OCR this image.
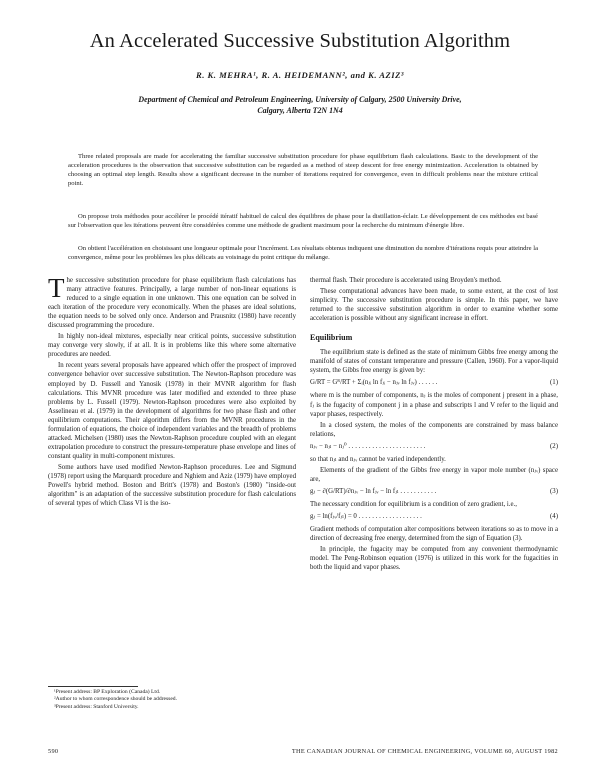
An Accelerated Successive Substitution Algorithm
R. K. MEHRA¹, R. A. HEIDEMANN², and K. AZIZ³
Department of Chemical and Petroleum Engineering, University of Calgary, 2500 University Drive,
Calgary, Alberta T2N 1N4

Three related proposals are made for accelerating the familiar successive substitution procedure for phase equilibrium flash calculations. Basic to the development of the acceleration procedures is the observation that successive substitution can be regarded as a method of steep descent for free energy minimization. Acceleration is obtained by choosing an optimal step length. Results show a significant decrease in the number of iterations required for convergence, even in difficult problems near the mixture critical point.

On propose trois méthodes pour accélérer le procédé itératif habituel de calcul des équilibres de phase pour la distillation-éclair. Le développement de ces méthodes est basé sur l'observation que les itérations peuvent être considérées comme une méthode de gradient maximum pour la recherche du minimum d'énergie libre.

On obtient l'accélération en choisissant une longueur optimale pour l'incrément. Les résultats obtenus indiquent une diminution du nombre d'itérations requis pour atteindre la convergence, même pour les problèmes les plus délicats au voisinage du point critique du mélange.

The successive substitution procedure for phase equilibrium flash calculations has many attractive features. Principally, a large number of non-linear equations is reduced to a single equation in one unknown. This one equation can be solved in each iteration of the procedure very economically. When the phases are ideal solutions, the equation needs to be solved only once. Anderson and Prausnitz (1980) have recently discussed programming the procedure.

In highly non-ideal mixtures, especially near critical points, successive substitution may converge very slowly, if at all. It is in problems like this where some alternative procedures are needed.

In recent years several proposals have appeared which offer the prospect of improved convergence behavior over successive substitution. The Newton-Raphson procedure was employed by D. Fussell and Yanosik (1978) in their MVNR algorithm for flash calculations. This MVNR procedure was later modified and extended to three phase problems by L. Fussell (1979). Newton-Raphson procedures were also exploited by Asselineau et al. (1979) in the development of algorithms for two phase flash and other equilibrium computations. Their algorithm differs from the MVNR procedures in the formulation of equations, the choice of independent variables and the breadth of problems attacked. Michelsen (1980) uses the Newton-Raphson procedure coupled with an elegant extrapolation procedure to construct the pressure-temperature phase envelope and lines of constant quality in multi-component mixtures.

Some authors have used modified Newton-Raphson procedures. Lee and Sigmund (1978) report using the Marquardt procedure and Nghiem and Aziz (1979) have employed Powell's hybrid method. Boston and Britt's (1978) and Boston's (1980) "inside-out algorithm" is an adaptation of the successive substitution procedure for flash calculations of several types of which Class VI is the iso-

thermal flash. Their procedure is accelerated using Broyden's method.

These computational advances have been made, to some extent, at the cost of lost simplicity. The successive substitution procedure is simple. In this paper, we have returned to the successive substitution algorithm in order to examine whether some acceleration is possible without any significant increase in effort.

Equilibrium

The equilibrium state is defined as the state of minimum Gibbs free energy among the manifold of states of constant temperature and pressure (Callen, 1960). For a vapor-liquid system, the Gibbs free energy is given by:

G/RT = Gᴿ/RT + Σᵢ(nⱼᵢ ln fⱼᵢ − nⱼᵥ ln fⱼᵥ) . . . . . .	(1)

where m is the number of components, nⱼ is the moles of component j present in a phase, fⱼ is the fugacity of component j in a phase and subscripts l and V refer to the liquid and vapor phases, respectively.

In a closed system, the moles of the components are constrained by mass balance relations,

nⱼᵥ − nⱼₗ − nⱼ⁰ . . . . . . . . . . . . . . . . . . . . . . .	(2)

so that nⱼₗ and nⱼᵥ cannot be varied independently.

Elements of the gradient of the Gibbs free energy in vapor mole number (nⱼᵥ) space are,

gⱼ − ∂(G/RT)/∂nⱼᵥ − ln fⱼᵥ − ln fⱼₗ . . . . . . . . . . .	(3)

The necessary condition for equilibrium is a condition of zero gradient, i.e.,

gⱼ = ln(fⱼᵥ/fⱼₗ) = 0 . . . . . . . . . . . . . . . . . . .	(4)

Gradient methods of computation alter compositions between iterations so as to move in a direction of decreasing free energy, determined from the sign of Equation (3).

In principle, the fugacity may be computed from any convenient thermodynamic model. The Peng-Robinson equation (1976) is utilized in this work for the fugacities in both the liquid and vapor phases.

¹Present address: BP Exploration (Canada) Ltd.
²Author to whom correspondence should be addressed.
³Present address: Stanford University.
590	THE CANADIAN JOURNAL OF CHEMICAL ENGINEERING, VOLUME 60, AUGUST 1982
